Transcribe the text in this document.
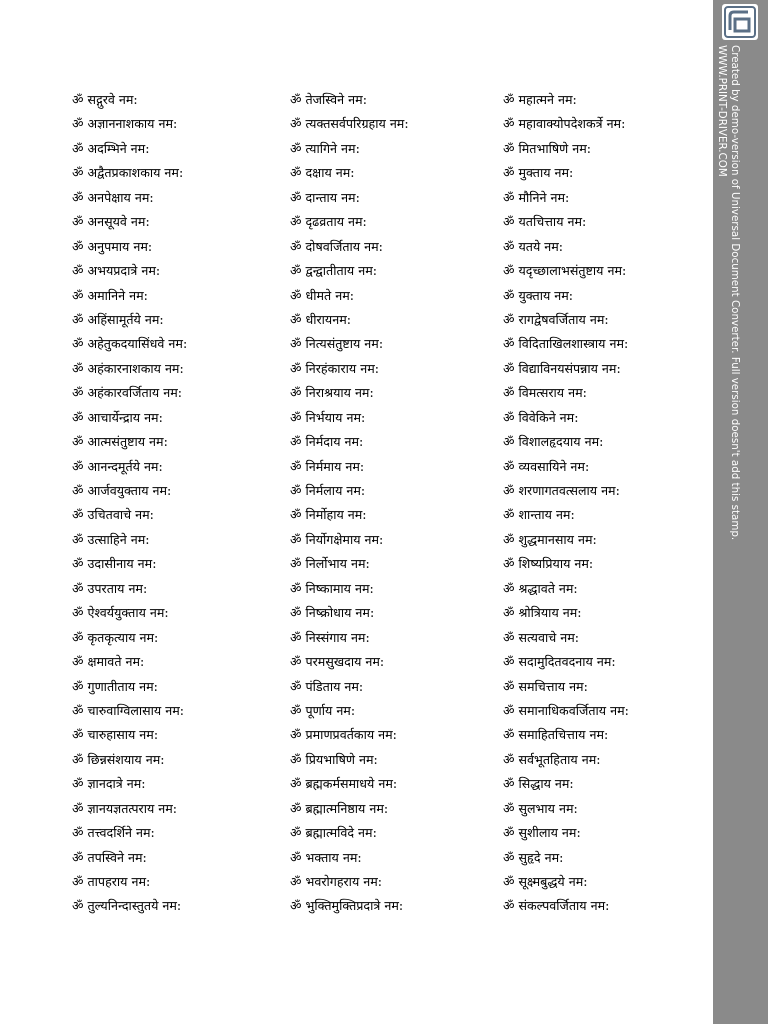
ॐ सद्गुरवे नम:
ॐ अज्ञाननाशकाय नम:
ॐ अदम्भिने नम:
ॐ अद्वैतप्रकाशकाय नम:
ॐ अनपेक्षाय नम:
ॐ अनसूयवे नम:
ॐ अनुपमाय नम:
ॐ अभयप्रदात्रे नम:
ॐ अमानिने नम:
ॐ अहिंसामूर्तये नम:
ॐ अहेतुकदयासिंधवे नम:
ॐ अहंकारनाशकाय नम:
ॐ अहंकारवर्जिताय नम:
ॐ आचार्येन्द्राय नम:
ॐ आत्मसंतुष्टाय नम:
ॐ आनन्दमूर्तये नम:
ॐ आर्जवयुक्ताय नम:
ॐ उचितवाचे नम:
ॐ उत्साहिने नम:
ॐ उदासीनाय नम:
ॐ उपरताय नम:
ॐ ऐश्वर्ययुक्ताय नम:
ॐ कृतकृत्याय नम:
ॐ क्षमावते नम:
ॐ गुणातीताय नम:
ॐ चारुवाग्विलासाय नम:
ॐ चारुहासाय नम:
ॐ छिन्नसंशयाय नम:
ॐ ज्ञानदात्रे नम:
ॐ ज्ञानयज्ञतत्पराय नम:
ॐ तत्त्वदर्शिने नम:
ॐ तपस्विने नम:
ॐ तापहराय नम:
ॐ तुल्यनिन्दास्तुतये नम:
ॐ तेजस्विने नम:
ॐ त्यक्तसर्वपरिग्रहाय नम:
ॐ त्यागिने नम:
ॐ दक्षाय नम:
ॐ दान्ताय नम:
ॐ दृढव्रताय नम:
ॐ दोषवर्जिताय नम:
ॐ द्वन्द्वातीताय नम:
ॐ धीमते नम:
ॐ धीरायनम:
ॐ नित्यसंतुष्टाय नम:
ॐ निरहंकाराय नम:
ॐ निराश्रयाय नम:
ॐ निर्भयाय नम:
ॐ निर्मदाय नम:
ॐ निर्ममाय नम:
ॐ निर्मलाय नम:
ॐ निर्मोहाय नम:
ॐ निर्योगक्षेमाय नम:
ॐ निर्लोभाय नम:
ॐ निष्कामाय नम:
ॐ निष्क्रोधाय नम:
ॐ निस्संगाय नम:
ॐ परमसुखदाय नम:
ॐ पंडिताय नम:
ॐ पूर्णाय नम:
ॐ प्रमाणप्रवर्तकाय नम:
ॐ प्रियभाषिणे नम:
ॐ ब्रह्मकर्मसमाधये नम:
ॐ ब्रह्मात्मनिष्ठाय नम:
ॐ ब्रह्मात्मविदे नम:
ॐ भक्ताय नम:
ॐ भवरोगहराय नम:
ॐ भुक्तिमुक्तिप्रदात्रे नम:
ॐ महात्मने नम:
ॐ महावाक्योपदेशकर्त्रे नम:
ॐ मितभाषिणे नम:
ॐ मुक्ताय नम:
ॐ मौनिने नम:
ॐ यतचित्ताय नम:
ॐ यतये नम:
ॐ यदृच्छालाभसंतुष्टाय नम:
ॐ युक्ताय नम:
ॐ रागद्वेषवर्जिताय नम:
ॐ विदिताखिलशास्त्राय नम:
ॐ विद्याविनयसंपन्नाय नम:
ॐ विमत्सराय नम:
ॐ विवेकिने नम:
ॐ विशालहृदयाय नम:
ॐ व्यवसायिने नम:
ॐ शरणागतवत्सलाय नम:
ॐ शान्ताय नम:
ॐ शुद्धमानसाय नम:
ॐ शिष्यप्रियाय नम:
ॐ श्रद्धावते नम:
ॐ श्रोत्रियाय नम:
ॐ सत्यवाचे नम:
ॐ सदामुदितवदनाय नम:
ॐ समचित्ताय नम:
ॐ समानाधिकवर्जिताय नम:
ॐ समाहितचित्ताय नम:
ॐ सर्वभूतहिताय नम:
ॐ सिद्धाय नम:
ॐ सुलभाय नम:
ॐ सुशीलाय नम:
ॐ सुहृदे नम:
ॐ सूक्ष्मबुद्धये नम:
ॐ संकल्पवर्जिताय नम:
Created by demo-version of Universal Document Converter. Full version doesn't add this stamp.
WWW.PRINT-DRIVER.COM
